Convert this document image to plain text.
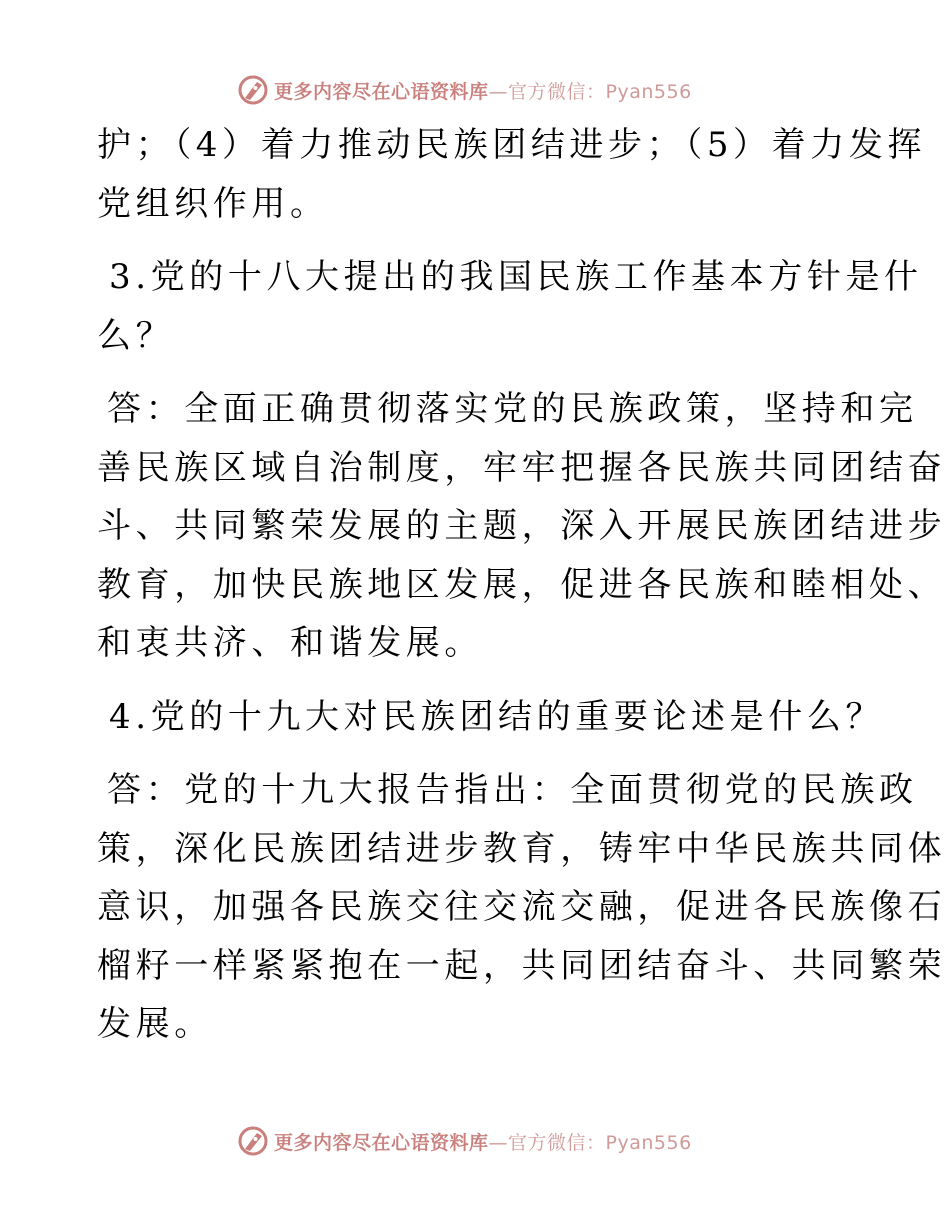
更多内容尽在心语资料库—官方微信：Pyan556
护；（4）着力推动民族团结进步；（5）着力发挥
党组织作用。
3.党的十八大提出的我国民族工作基本方针是什
么？
答：全面正确贯彻落实党的民族政策，坚持和完
善民族区域自治制度，牢牢把握各民族共同团结奋
斗、共同繁荣发展的主题，深入开展民族团结进步
教育，加快民族地区发展，促进各民族和睦相处、
和衷共济、和谐发展。
4.党的十九大对民族团结的重要论述是什么？
答：党的十九大报告指出：全面贯彻党的民族政
策，深化民族团结进步教育，铸牢中华民族共同体
意识，加强各民族交往交流交融，促进各民族像石
榴籽一样紧紧抱在一起，共同团结奋斗、共同繁荣
发展。
更多内容尽在心语资料库—官方微信：Pyan556
